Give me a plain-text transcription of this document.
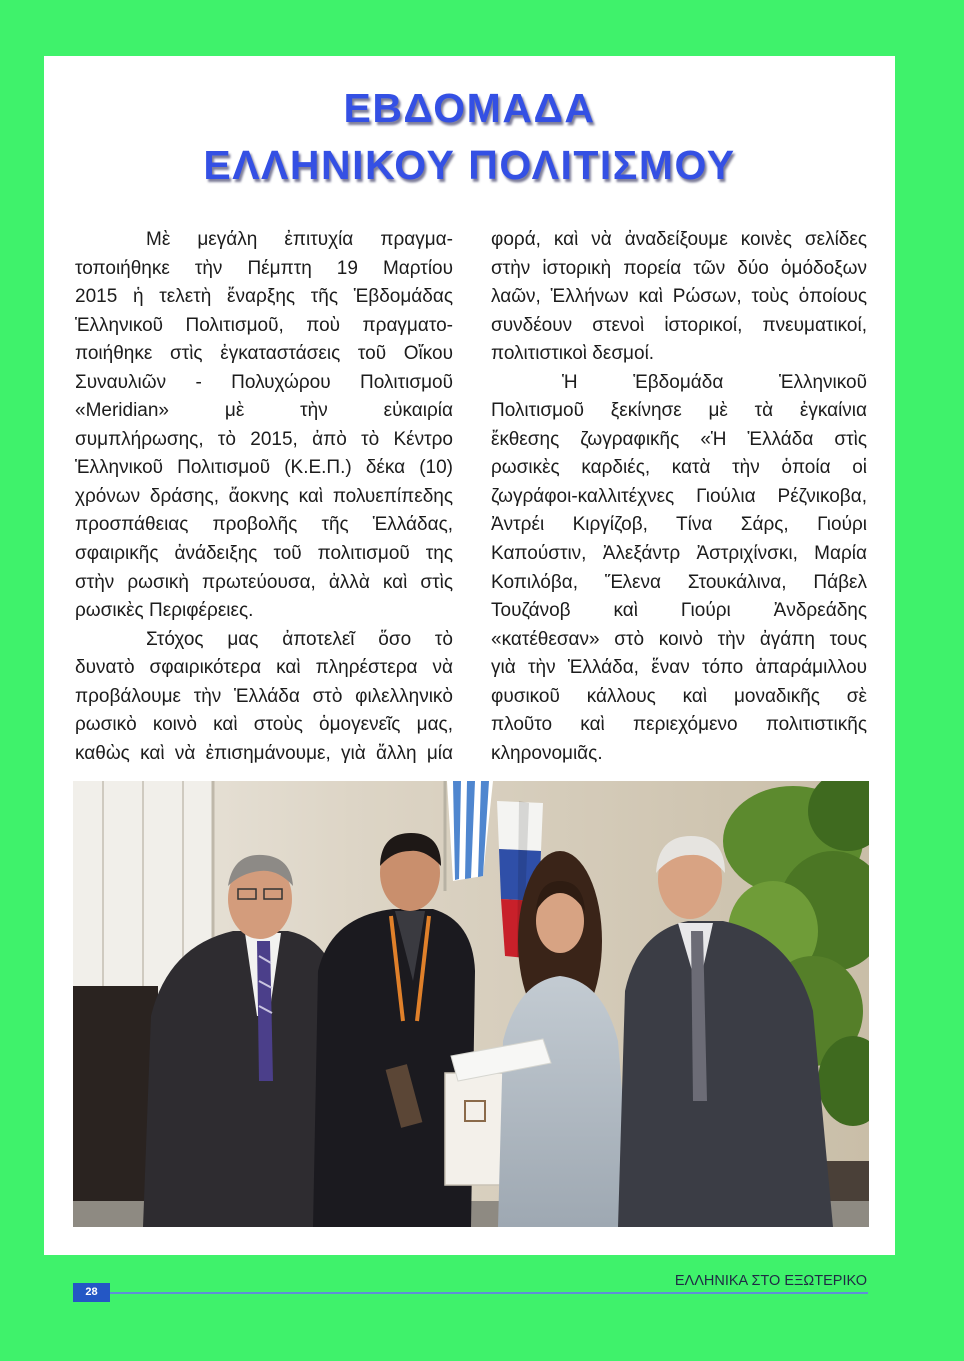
ΕΒΔΟΜΑΔΑ
ΕΛΛΗΝΙΚΟΥ ΠΟΛΙΤΙΣΜΟΥ
Μὲ μεγάλη ἐπιτυχία πραγμα-
τοποιήθηκε τὴν Πέμπτη 19 Μαρτίου
2015 ἡ τελετὴ ἔναρξης τῆς Ἑβδομάδας
Ἑλληνικοῦ Πολιτισμοῦ, ποὺ πραγματο-
ποιήθηκε στὶς ἐγκαταστάσεις τοῦ Οἴκου
Συναυλιῶν - Πολυχώρου Πολιτισμοῦ
«Meridian» μὲ τὴν εὐκαιρία
συμπλήρωσης, τὸ 2015, ἀπὸ τὸ Κέντρο
Ἑλληνικοῦ Πολιτισμοῦ (Κ.Ε.Π.) δέκα (10)
χρόνων δράσης, ἄοκνης καὶ πολυεπίπεδης
προσπάθειας προβολῆς τῆς Ἑλλάδας,
σφαιρικῆς ἀνάδειξης τοῦ πολιτισμοῦ της
στὴν ρωσικὴ πρωτεύουσα, ἀλλὰ καὶ στὶς
ρωσικὲς Περιφέρειες.
Στόχος μας ἀποτελεῖ ὅσο τὸ
δυνατὸ σφαιρικότερα καὶ πληρέστερα νὰ
προβάλουμε τὴν Ἑλλάδα στὸ φιλελληνικὸ
ρωσικὸ κοινὸ καὶ στοὺς ὁμογενεῖς μας,
καθὼς καὶ νὰ ἐπισημάνουμε, γιὰ ἄλλη μία
φορά, καὶ νὰ ἀναδείξουμε κοινὲς σελίδες
στὴν ἱστορικὴ πορεία τῶν δύο ὁμόδοξων
λαῶν, Ἑλλήνων καὶ Ρώσων, τοὺς ὁποίους
συνδέουν στενοὶ ἱστορικοί, πνευματικοί,
πολιτιστικοὶ δεσμοί.
Ἡ Ἑβδομάδα Ἑλληνικοῦ
Πολιτισμοῦ ξεκίνησε μὲ τὰ ἐγκαίνια
ἔκθεσης ζωγραφικῆς «Ἡ Ἑλλάδα στὶς
ρωσικὲς καρδιές, κατὰ τὴν ὁποία οἱ
ζωγράφοι-καλλιτέχνες Γιούλια Ρέζνικοβα,
Ἀντρέι Κιργίζοβ, Τίνα Σάρς, Γιούρι
Καπούστιν, Ἀλεξάντρ Ἀστριχίνσκι, Μαρία
Κοπιλόβα, Ἕλενα Στουκάλινα, Πάβελ
Τουζάνοβ καὶ Γιούρι Ἀνδρεάδης
«κατέθεσαν» στὸ κοινὸ τὴν ἀγάπη τους
γιὰ τὴν Ἑλλάδα, ἕναν τόπο ἀπαράμιλλου
φυσικοῦ κάλλους καὶ μοναδικῆς σὲ
πλοῦτο καὶ περιεχόμενο πολιτιστικῆς
κληρονομιᾶς.
28
ΕΛΛΗΝΙΚΑ ΣΤΟ ΕΞΩΤΕΡΙΚΟ
